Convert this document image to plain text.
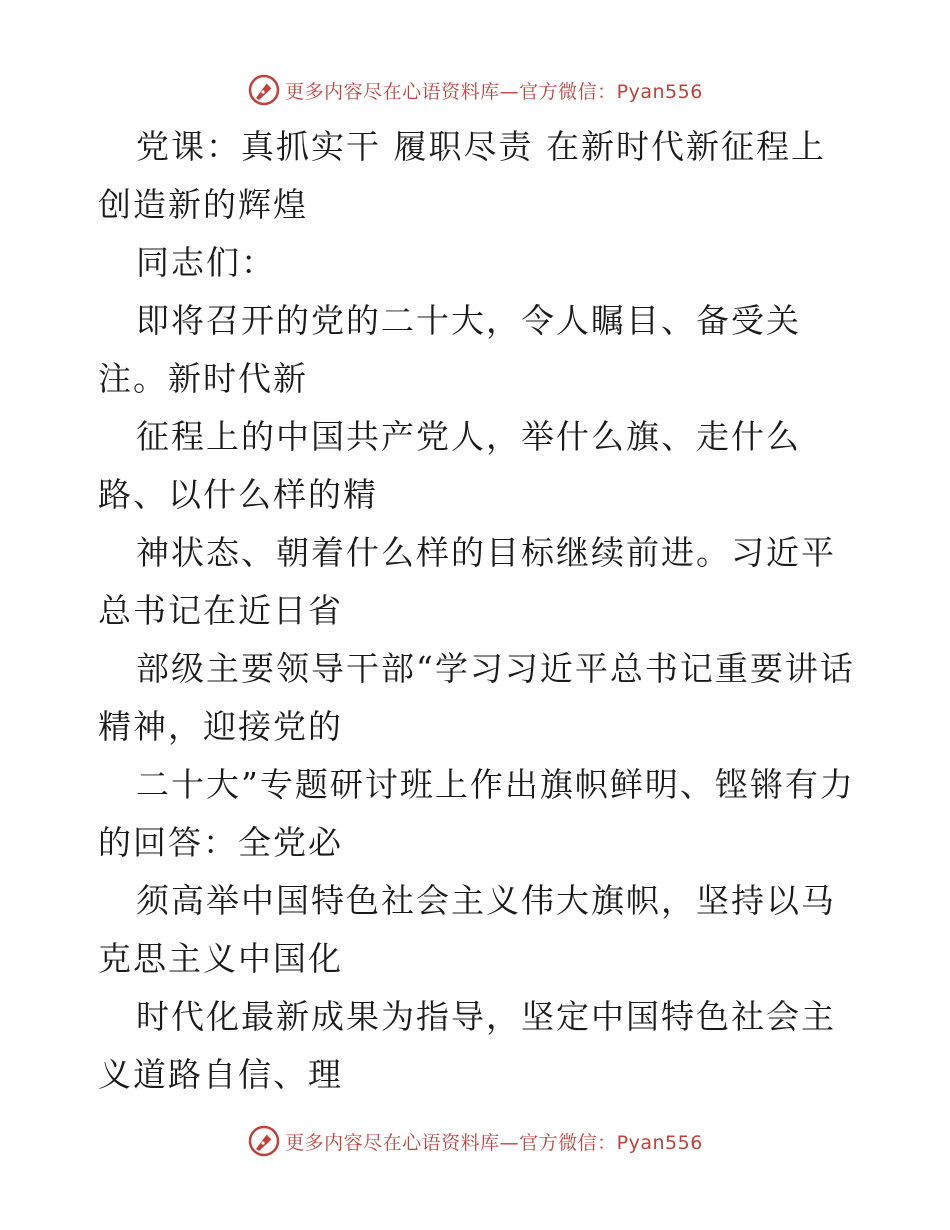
更多内容尽在心语资料库—官方微信：Pyan556

党课：真抓实干 履职尽责 在新时代新征程上创造新的辉煌

同志们：

即将召开的党的二十大，令人瞩目、备受关注。新时代新

征程上的中国共产党人，举什么旗、走什么路、以什么样的精

神状态、朝着什么样的目标继续前进。习近平总书记在近日省

部级主要领导干部“学习习近平总书记重要讲话精神，迎接党的

二十大”专题研讨班上作出旗帜鲜明、铿锵有力的回答：全党必

须高举中国特色社会主义伟大旗帜，坚持以马克思主义中国化

时代化最新成果为指导，坚定中国特色社会主义道路自信、理

更多内容尽在心语资料库—官方微信：Pyan556
